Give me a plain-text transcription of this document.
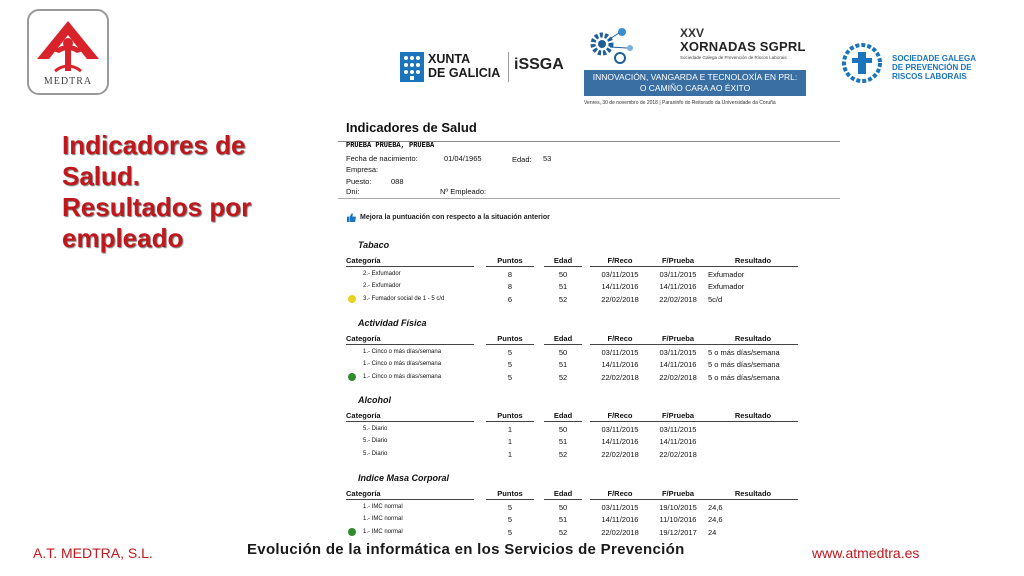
MEDTRA
Indicadores de
Salud.
Resultados por
empleado
XUNTA
DE GALICIA iSSGA
XXV
XORNADAS SGPRL
Sociedade Galega de Prevención de Riscos Laborais
INNOVACIÓN, VANGARDA E TECNOLOXÍA EN PRL:
O CAMIÑO CARA AO ÉXITO
Venres, 30 de novembro de 2018 | Paraninfo do Reitorado da Universidade da Coruña
SOCIEDADE GALEGA
DE PREVENCIÓN DE
RISCOS LABORAIS
Indicadores de Salud
PRUEBA PRUEBA, PRUEBA
Fecha de nacimiento:	01/04/1965	Edad: 53
Empresa:
Puesto:	088
Dni:	Nº Empleado:
Mejora la puntuación con respecto a la situación anterior
Tabaco
Categoría	Puntos	Edad	F/Reco	F/Prueba	Resultado
2.- Exfumador	8	50	03/11/2015	03/11/2015	Exfumador
2.- Exfumador	8	51	14/11/2016	14/11/2016	Exfumador
3.- Fumador social de 1 - 5 c/d	6	52	22/02/2018	22/02/2018	5c/d
Actividad Física
Categoría	Puntos	Edad	F/Reco	F/Prueba	Resultado
1.- Cinco o más días/semana	5	50	03/11/2015	03/11/2015	5 o más días/semana
1.- Cinco o más días/semana	5	51	14/11/2016	14/11/2016	5 o más días/semana
1.- Cinco o más días/semana	5	52	22/02/2018	22/02/2018	5 o más días/semana
Alcohol
Categoría	Puntos	Edad	F/Reco	F/Prueba	Resultado
5.- Diario	1	50	03/11/2015	03/11/2015
5.- Diario	1	51	14/11/2016	14/11/2016
5.- Diario	1	52	22/02/2018	22/02/2018
Indice Masa Corporal
Categoría	Puntos	Edad	F/Reco	F/Prueba	Resultado
1.- IMC normal	5	50	03/11/2015	19/10/2015	24,6
1.- IMC normal	5	51	14/11/2016	11/10/2016	24,6
1.- IMC normal	5	52	22/02/2018	19/12/2017	24
A.T. MEDTRA, S.L.	Evolución de la informática en los Servicios de Prevención	www.atmedtra.es
